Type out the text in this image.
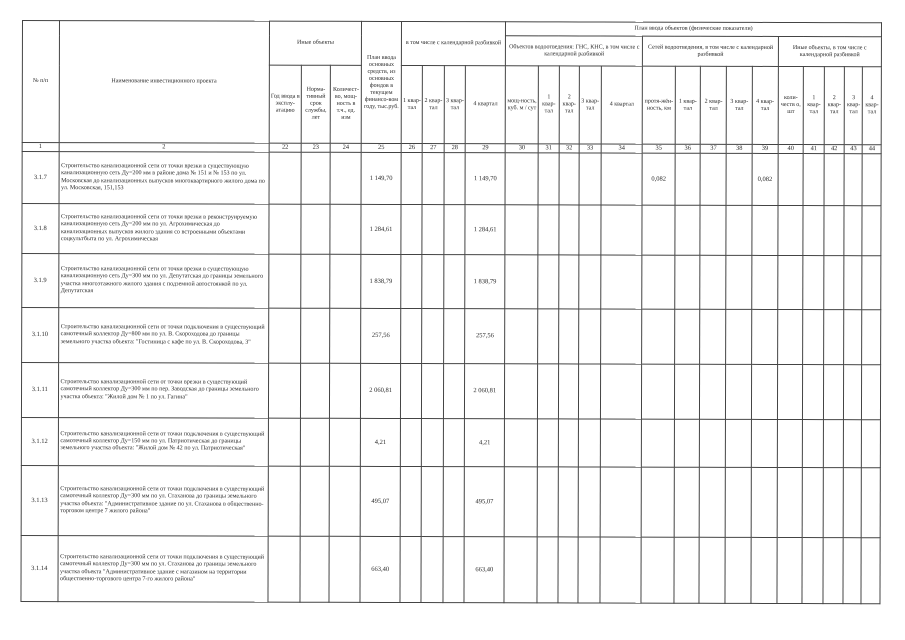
№ п/п	Наименование инвестиционного проекта	Иные объекты			План ввода основных средств, из основных фондов в текущем финансо-вом году, тыс.руб.	в том числе с календарной разбивкой				План ввода объектов (физические показатели)														
										Объектов водоотведения: ГНС, КНС, в том числе с календарной разбивкой					Сетей водоотведения, в том числе с календарной разбивкой					Иные объекты, в том числе с календарной разбивкой				
		Год ввода в эксплу-атацию	Норма-тивный срок службы, лет	Количест-во, мощ-ность в т.ч., ед. изм		1 квар-тал	2 квар-тал	3 квар-тал	4 квартал	мощ-ность, куб. м / сут	1 квар-тал	2 квар-тал	3 квар-тал	4 квартал	протя-жён-ность, км	1 квар-тал	2 квар-тал	3 квар-тал	4 квар-тал	коли-честв о, шт	1 квар-тал	2 квар-тал	3 квар-тал	4 квар-тал
1	2	22	23	24	25	26	27	28	29	30	31	32	33	34	35	36	37	38	39	40	41	42	43	44
3.1.7	Строительство канализационной сети от точки врезки в существующую канализационную сеть Ду=200 мм в районе дома № 151 и № 153 по ул. Московская до канализационных выпусков многоквартирного жилого дома по ул. Московская, 151,153				1 149,70				1 149,70						0,082				0,082					
3.1.8	Строительство канализационной сети от точки врезки в реконструируемую канализационную сеть Ду=200 мм по ул. Агрохимическая до канализационных выпусков жилого здания со встроенными объектами соцкультбыта по ул. Агрохимическая				1 284,61				1 284,61															
3.1.9	Строительство канализационной сети от точки врезки в существующую канализационную сеть Ду=300 мм по ул. Депутатская до границы земельного участка многоэтажного жилого здания с подземной автостоянкой по ул. Депутатская				1 838,79				1 838,79															
3.1.10	Строительство канализационной сети от точки подключения в существующий самотечный коллектор Ду=800 мм по ул. В. Скороходова до границы земельного участка объекта: "Гостиница с кафе по ул. В. Скороходова, 3"				257,56				257,56															
3.1.11	Строительство канализационной сети от точки врезки в существующий самотечный коллектор Ду=300 мм по пер. Заводская до границы земельного участка объекта: "Жилой дом № 1 по ул. Гагина"				2 060,81				2 060,81															
3.1.12	Строительство канализационной сети от точки подключения в существующий самотечный коллектор Ду=150 мм по ул. Патриотическая до границы земельного участка объекта: "Жилой дом № 42 по ул. Патриотическая"				4,21				4,21															
3.1.13	Строительство канализационной сети от точки подключения в существующий самотечный коллектор Ду=300 мм по ул. Стаханова до границы земельного участка объекта: "Административное здание по ул. Стаханова в общественно-торговом центре 7 жилого района"				495,07				495,07															
3.1.14	Строительство канализационной сети от точки подключения в существующий самотечный коллектор Ду=300 мм по ул. Стаханова до границы земельного участка объекта "Административное здание с магазином на территории общественно-торгового центра 7-го жилого района"				663,40				663,40															
